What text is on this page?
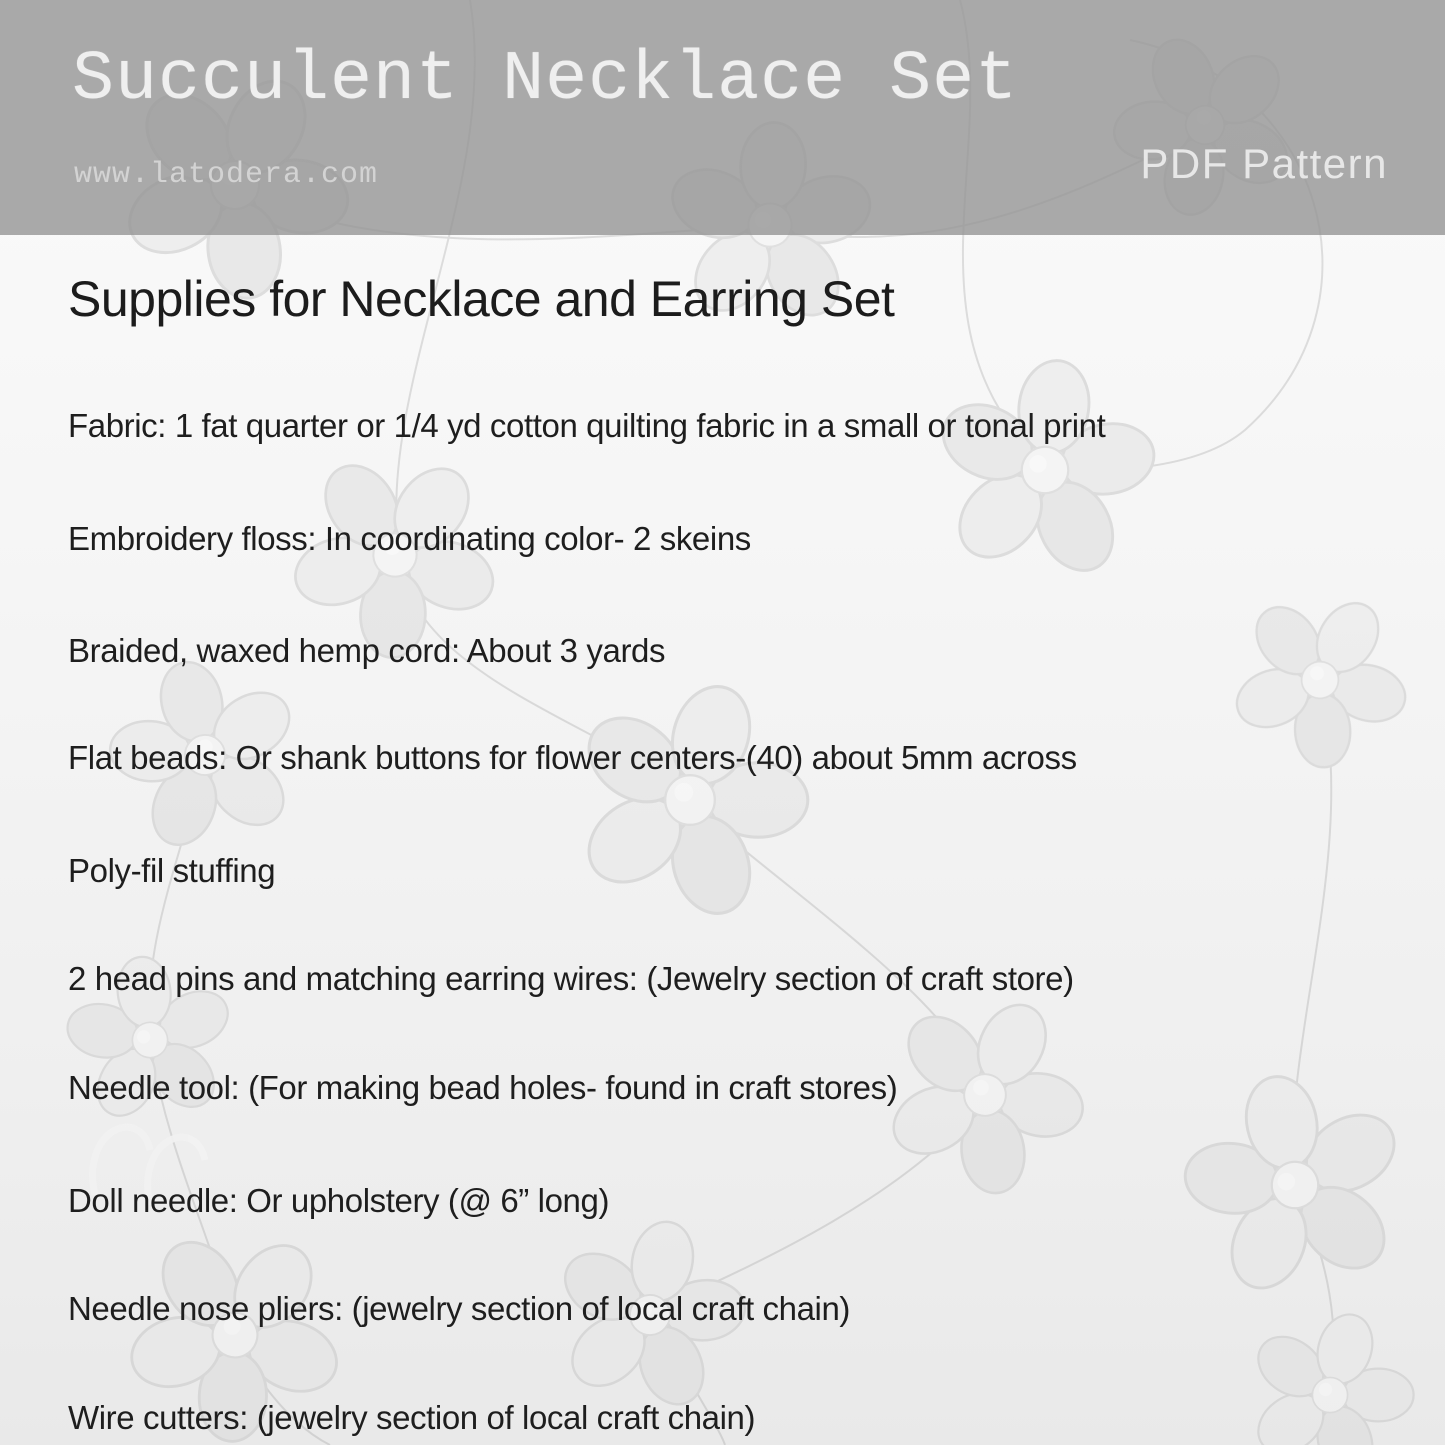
Succulent Necklace Set
www.latodera.com	PDF Pattern
Supplies for Necklace and Earring Set
Fabric: 1 fat quarter or 1/4 yd cotton quilting fabric in a small or tonal print
Embroidery floss: In coordinating color- 2 skeins
Braided, waxed hemp cord: About 3 yards
Flat beads: Or shank buttons for flower centers-(40) about 5mm across
Poly-fil stuffing
2 head pins and matching earring wires: (Jewelry section of craft store)
Needle tool: (For making bead holes- found in craft stores)
Doll needle: Or upholstery (@ 6” long)
Needle nose pliers: (jewelry section of local craft chain)
Wire cutters: (jewelry section of local craft chain)
